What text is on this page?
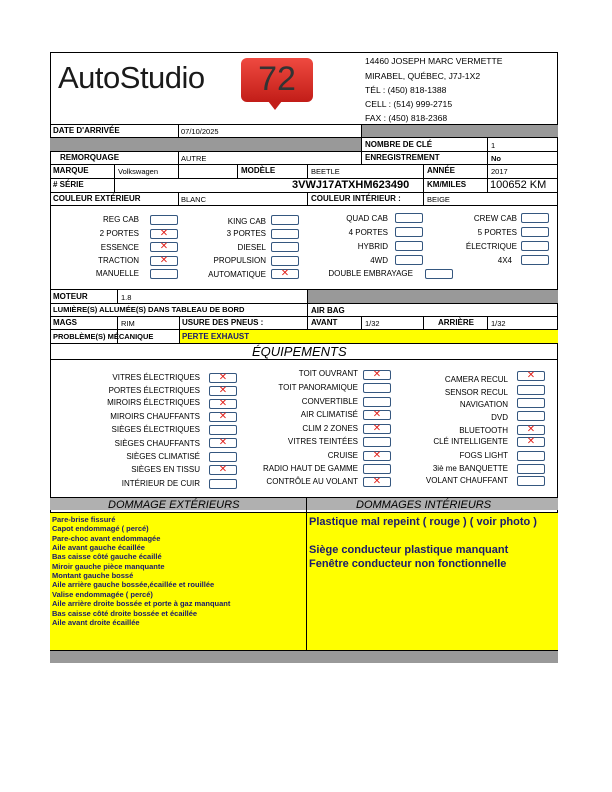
AutoStudio	72	14460 JOSEPH MARC VERMETTE
MIRABEL, QUÉBEC, J7J-1X2
TÉL : (450) 818-1388
CELL : (514) 999-2715
FAX : (450) 818-2368
DATE D'ARRIVÉE	07/10/2025
NOMBRE DE CLÉ	1
REMORQUAGE	AUTRE	ENREGISTREMENT	No
MARQUE	Volkswagen	MODÈLE	BEETLE	ANNÉE	2017
# SÉRIE	3VWJ17ATXHM623490 KM/MILES 100652 KM
COULEUR EXTÉRIEUR	BLANC	COULEUR INTÉRIEUR :	BEIGE
REG CAB	KING CAB	QUAD CAB	CREW CAB
2 PORTES	✕	3 PORTES	4 PORTES	5 PORTES
ESSENCE	✕	DIESEL	HYBRID	ÉLECTRIQUE
TRACTION	✕	PROPULSION	4WD	4X4
MANUELLE	AUTOMATIQUE	✕	DOUBLE EMBRAYAGE
MOTEUR	1.8
LUMIÈRE(S) ALLUMÉE(S) DANS TABLEAU DE BORD	AIR BAG
MAGS	RIM	USURE DES PNEUS :	AVANT	1/32	ARRIÈRE 1/32
PROBLÈME(S) MÉCANIQUE	PERTE EXHAUST
ÉQUIPEMENTS
VITRES ÉLECTRIQUES	✕
PORTES ÉLECTRIQUES	✕
MIROIRS ÉLECTRIQUES	✕
MIROIRS CHAUFFANTS	✕
SIÈGES ÉLECTRIQUES
SIÈGES CHAUFFANTS	✕
SIÈGES CLIMATISÉ
SIÈGES EN TISSU	✕
INTÉRIEUR DE CUIR
TOIT OUVRANT	✕
TOIT PANORAMIQUE
CONVERTIBLE
AIR CLIMATISÉ	✕
CLIM 2 ZONES	✕
VITRES TEINTÉES
CRUISE	✕
RADIO HAUT DE GAMME
CONTRÔLE AU VOLANT	✕
CAMERA RECUL	✕
SENSOR RECUL
NAVIGATION
DVD
BLUETOOTH	✕
CLÉ INTELLIGENTE	✕
FOGS LIGHT
3iè me BANQUETTE
VOLANT CHAUFFANT
DOMMAGE EXTÉRIEURS	DOMMAGES INTÉRIEURS
Pare-brise fissuré
Capot endommagé ( percé)
Pare-choc avant endommagée
Aile avant gauche écaillée
Bas caisse côté gauche écaillé
Miroir gauche pièce manquante
Montant gauche bossé
Aile arrière gauche bossée,écaillée et rouillée
Valise endommagée ( percé)
Aile arrière droite bossée et porte à gaz manquant
Bas caisse côté droite bossée et écaillée
Aile avant droite écaillée
Plastique mal repeint ( rouge ) ( voir photo )
Siège conducteur plastique manquant
Fenêtre conducteur non fonctionnelle
